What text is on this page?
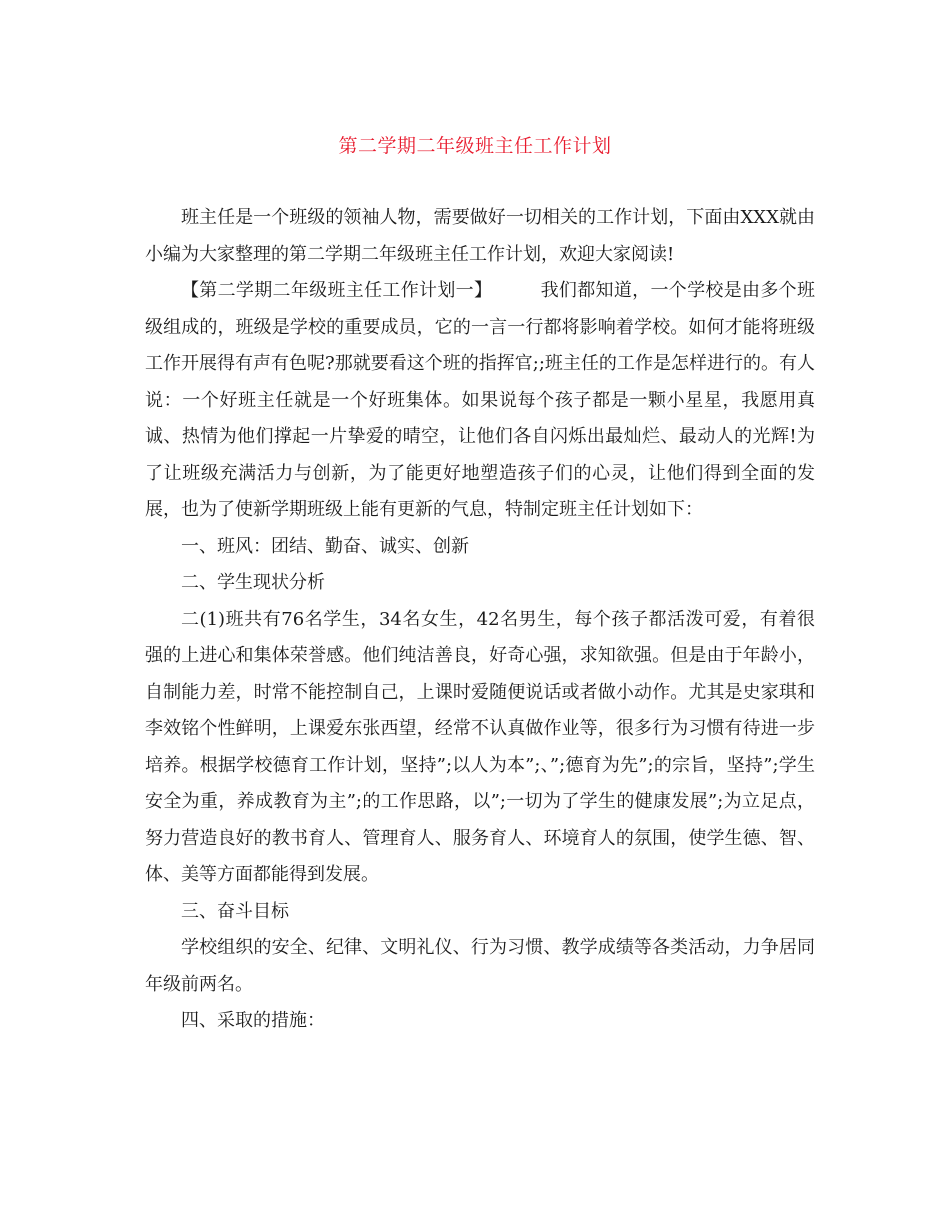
第二学期二年级班主任工作计划

班主任是一个班级的领袖人物，需要做好一切相关的工作计划，下面由XXX就由小编为大家整理的第二学期二年级班主任工作计划，欢迎大家阅读!

【第二学期二年级班主任工作计划一】	我们都知道，一个学校是由多个班级组成的，班级是学校的重要成员，它的一言一行都将影响着学校。如何才能将班级工作开展得有声有色呢?那就要看这个班的指挥官;;班主任的工作是怎样进行的。有人说：一个好班主任就是一个好班集体。如果说每个孩子都是一颗小星星，我愿用真诚、热情为他们撑起一片挚爱的晴空，让他们各自闪烁出最灿烂、最动人的光辉!为了让班级充满活力与创新，为了能更好地塑造孩子们的心灵，让他们得到全面的发展，也为了使新学期班级上能有更新的气息，特制定班主任计划如下：

一、班风：团结、勤奋、诚实、创新

二、学生现状分析

二(1)班共有76名学生，34名女生，42名男生，每个孩子都活泼可爱，有着很强的上进心和集体荣誉感。他们纯洁善良，好奇心强，求知欲强。但是由于年龄小，自制能力差，时常不能控制自己，上课时爱随便说话或者做小动作。尤其是史家琪和李效铭个性鲜明，上课爱东张西望，经常不认真做作业等，很多行为习惯有待进一步培养。根据学校德育工作计划，坚持”;以人为本”;、”;德育为先”;的宗旨，坚持”;学生安全为重，养成教育为主”;的工作思路，以”;一切为了学生的健康发展”;为立足点，努力营造良好的教书育人、管理育人、服务育人、环境育人的氛围，使学生德、智、体、美等方面都能得到发展。

三、奋斗目标

学校组织的安全、纪律、文明礼仪、行为习惯、教学成绩等各类活动，力争居同年级前两名。

四、采取的措施：
